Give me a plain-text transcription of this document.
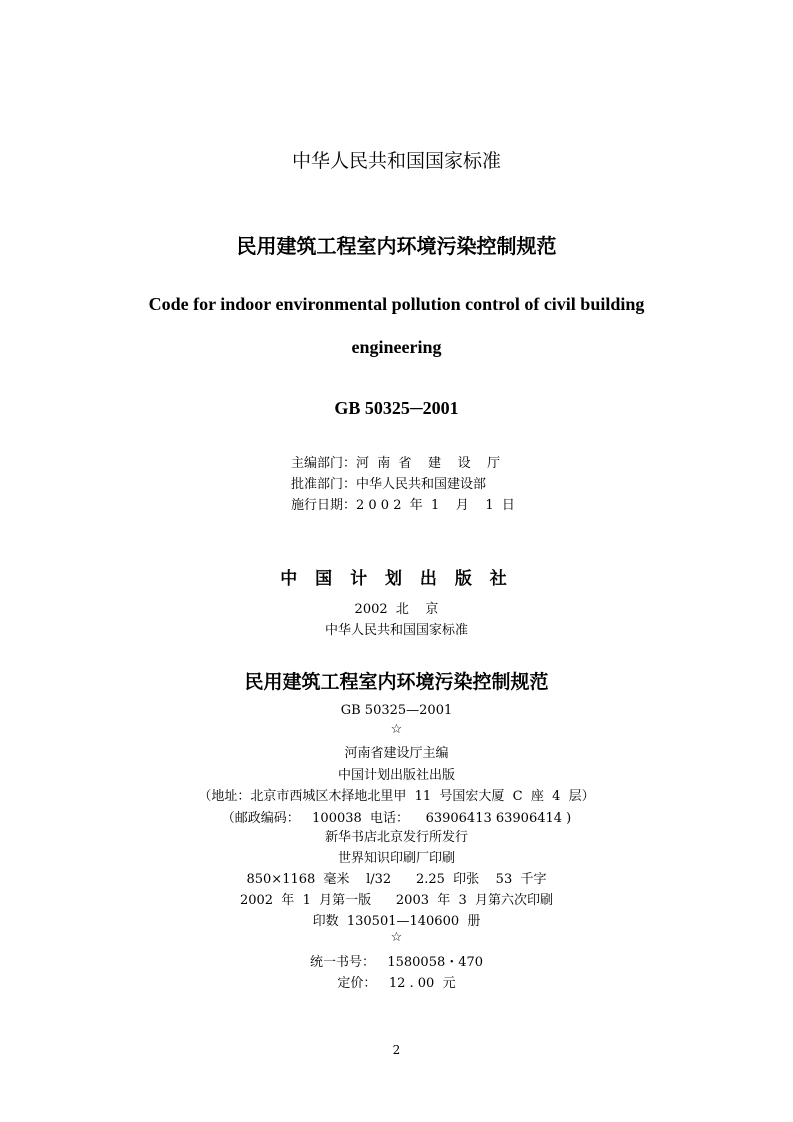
中华人民共和国国家标准
民用建筑工程室内环境污染控制规范
Code for indoor environmental pollution control of civil building
engineering
GB 50325─2001
主编部门：河  南  省    建    设    厅
批准部门：中华人民共和国建设部
施行日期：2 0 0 2  年  1    月    1  日
中 国 计 划 出 版 社
2002  北    京
中华人民共和国国家标准
民用建筑工程室内环境污染控制规范
GB 50325—2001
☆
河南省建设厅主编
中国计划出版社出版
（地址：北京市西城区木择地北里甲  11  号国宏大厦  C  座  4  层）
（邮政编码：   100038  电话：    63906413 63906414 )
新华书店北京发行所发行
世界知识印刷厂印刷
850×1168  毫米    l/32      2.25  印张    53  千字
2002  年  1  月第一版      2003  年  3  月第六次印刷
印数  130501—140600  册
☆
统一书号：   1580058・470
定价：   12 . 00  元
2
